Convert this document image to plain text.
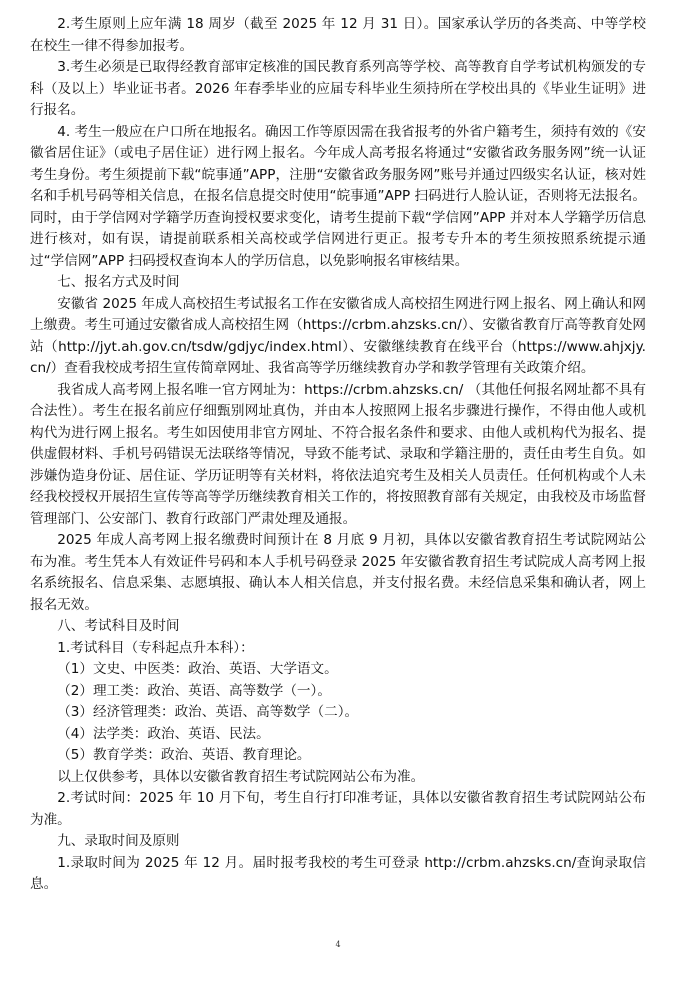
2.考生原则上应年满 18 周岁（截至 2025 年 12 月 31 日）。国家承认学历的各类高、中等学校在校生一律不得参加报考。

3.考生必须是已取得经教育部审定核准的国民教育系列高等学校、高等教育自学考试机构颁发的专科（及以上）毕业证书者。2026 年春季毕业的应届专科毕业生须持所在学校出具的《毕业生证明》进行报名。

4. 考生一般应在户口所在地报名。确因工作等原因需在我省报考的外省户籍考生，须持有效的《安徽省居住证》（或电子居住证）进行网上报名。今年成人高考报名将通过“安徽省政务服务网”统一认证考生身份。考生须提前下载“皖事通”APP，注册“安徽省政务服务网”账号并通过四级实名认证，核对姓名和手机号码等相关信息，在报名信息提交时使用“皖事通”APP 扫码进行人脸认证，否则将无法报名。同时，由于学信网对学籍学历查询授权要求变化，请考生提前下载“学信网”APP 并对本人学籍学历信息进行核对，如有误，请提前联系相关高校或学信网进行更正。报考专升本的考生须按照系统提示通过“学信网”APP 扫码授权查询本人的学历信息，以免影响报名审核结果。

七、报名方式及时间

安徽省 2025 年成人高校招生考试报名工作在安徽省成人高校招生网进行网上报名、网上确认和网上缴费。考生可通过安徽省成人高校招生网（https://crbm.ahzsks.cn/）、安徽省教育厅高等教育处网站（http://jyt.ah.gov.cn/tsdw/gdjyc/index.html）、安徽继续教育在线平台（https://www.ahjxjy.cn/）查看我校成考招生宣传简章网址、我省高等学历继续教育办学和教学管理有关政策介绍。

我省成人高考网上报名唯一官方网址为：https://crbm.ahzsks.cn/ （其他任何报名网址都不具有合法性）。考生在报名前应仔细甄别网址真伪，并由本人按照网上报名步骤进行操作，不得由他人或机构代为进行网上报名。考生如因使用非官方网址、不符合报名条件和要求、由他人或机构代为报名、提供虚假材料、手机号码错误无法联络等情况，导致不能考试、录取和学籍注册的，责任由考生自负。如涉嫌伪造身份证、居住证、学历证明等有关材料，将依法追究考生及相关人员责任。任何机构或个人未经我校授权开展招生宣传等高等学历继续教育相关工作的，将按照教育部有关规定，由我校及市场监督管理部门、公安部门、教育行政部门严肃处理及通报。

2025 年成人高考网上报名缴费时间预计在 8 月底 9 月初，具体以安徽省教育招生考试院网站公布为准。考生凭本人有效证件号码和本人手机号码登录 2025 年安徽省教育招生考试院成人高考网上报名系统报名、信息采集、志愿填报、确认本人相关信息，并支付报名费。未经信息采集和确认者，网上报名无效。

八、考试科目及时间

1.考试科目（专科起点升本科）：

（1）文史、中医类：政治、英语、大学语文。

（2）理工类：政治、英语、高等数学（一）。

（3）经济管理类：政治、英语、高等数学（二）。

（4）法学类：政治、英语、民法。

（5）教育学类：政治、英语、教育理论。

以上仅供参考，具体以安徽省教育招生考试院网站公布为准。

2.考试时间：2025 年 10 月下旬，考生自行打印准考证，具体以安徽省教育招生考试院网站公布为准。

九、录取时间及原则

1.录取时间为 2025 年 12 月。届时报考我校的考生可登录 http://crbm.ahzsks.cn/查询录取信息。

4
